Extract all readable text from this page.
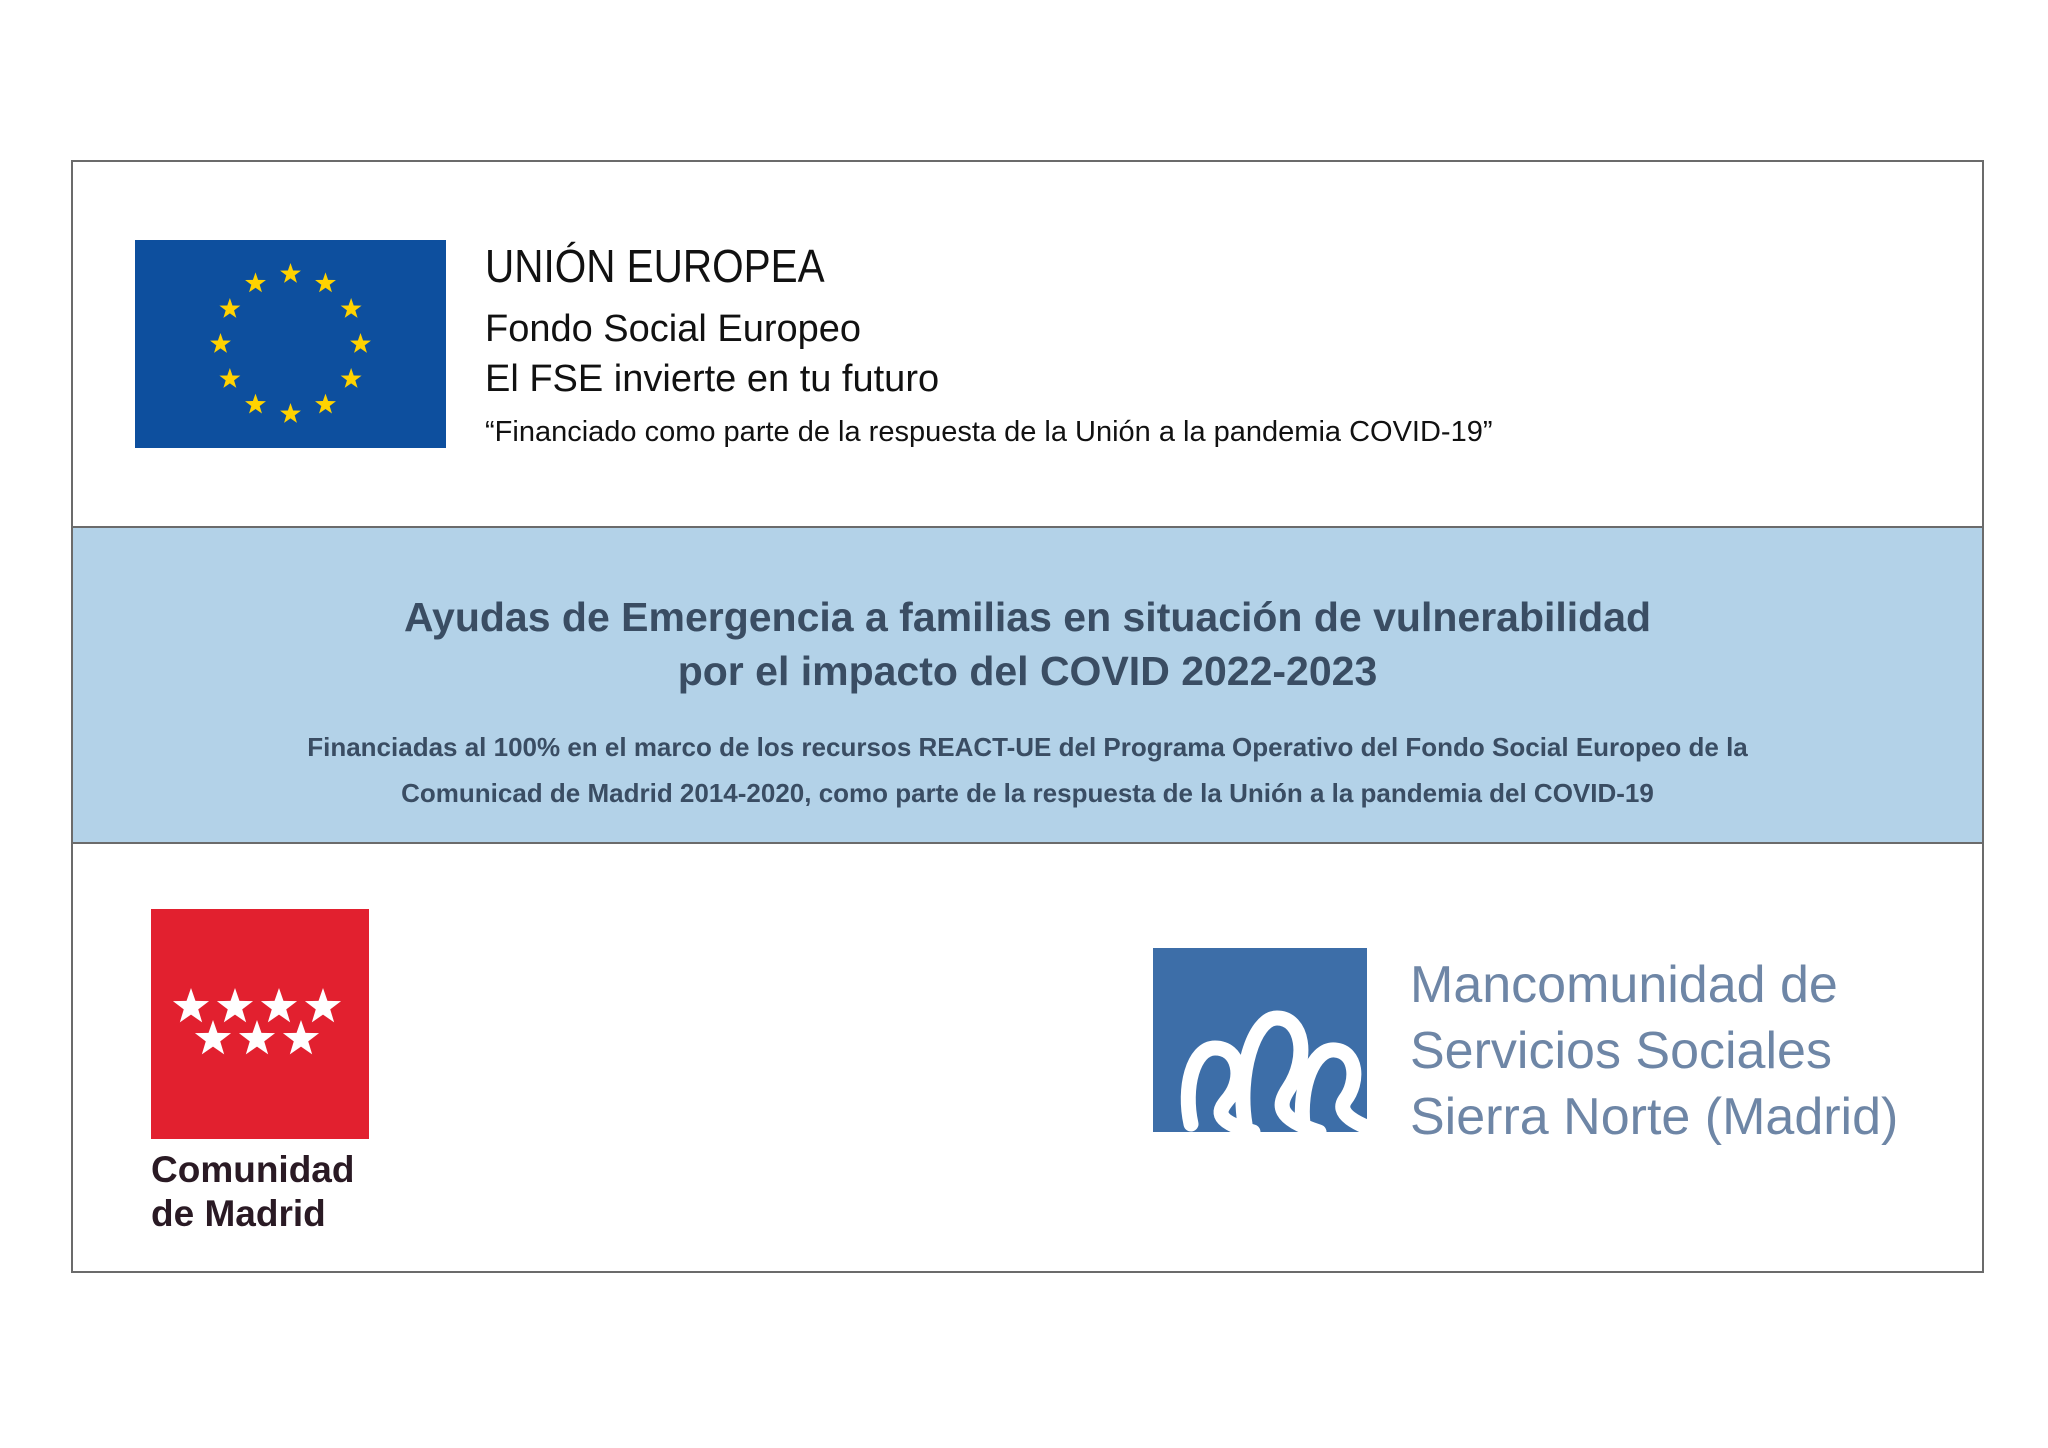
UNIÓN EUROPEA
Fondo Social Europeo
El FSE invierte en tu futuro
“Financiado como parte de la respuesta de la Unión a la pandemia COVID-19”
Ayudas de Emergencia a familias en situación de vulnerabilidad
por el impacto del COVID 2022-2023
Financiadas al 100% en el marco de los recursos REACT-UE del Programa Operativo del Fondo Social Europeo de la
Comunicad de Madrid 2014-2020, como parte de la respuesta de la Unión a la pandemia del COVID-19
Comunidad
de Madrid
Mancomunidad de
Servicios Sociales
Sierra Norte (Madrid)
